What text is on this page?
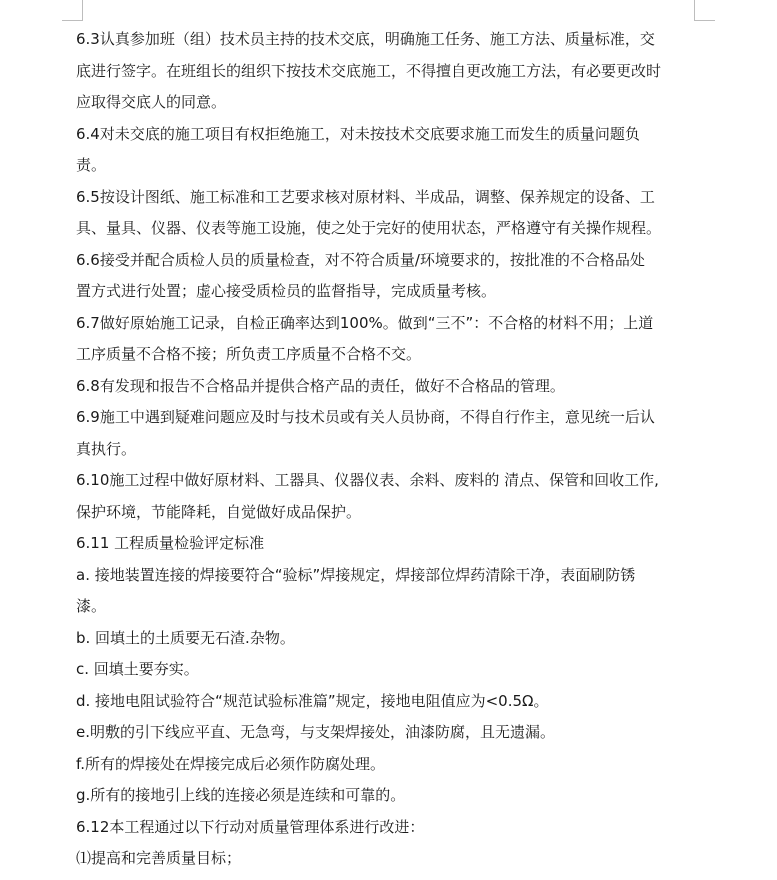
6.3认真参加班（组）技术员主持的技术交底，明确施工任务、施工方法、质量标准，交
底进行签字。在班组长的组织下按技术交底施工，不得擅自更改施工方法，有必要更改时
应取得交底人的同意。
6.4对未交底的施工项目有权拒绝施工，对未按技术交底要求施工而发生的质量问题负
责。
6.5按设计图纸、施工标准和工艺要求核对原材料、半成品，调整、保养规定的设备、工
具、量具、仪器、仪表等施工设施，使之处于完好的使用状态，严格遵守有关操作规程。
6.6接受并配合质检人员的质量检查，对不符合质量/环境要求的，按批准的不合格品处
置方式进行处置；虚心接受质检员的监督指导，完成质量考核。
6.7做好原始施工记录，自检正确率达到100%。做到“三不”：不合格的材料不用；上道
工序质量不合格不接；所负责工序质量不合格不交。
6.8有发现和报告不合格品并提供合格产品的责任，做好不合格品的管理。
6.9施工中遇到疑难问题应及时与技术员或有关人员协商，不得自行作主，意见统一后认
真执行。
6.10施工过程中做好原材料、工器具、仪器仪表、余料、废料的 清点、保管和回收工作,
保护环境，节能降耗，自觉做好成品保护。
6.11 工程质量检验评定标准
a. 接地装置连接的焊接要符合“验标”焊接规定，焊接部位焊药清除干净，表面刷防锈
漆。
b. 回填土的土质要无石渣.杂物。
c. 回填土要夯实。
d. 接地电阻试验符合“规范试验标准篇”规定，接地电阻值应为<0.5Ω。
e.明敷的引下线应平直、无急弯，与支架焊接处，油漆防腐，且无遗漏。
f.所有的焊接处在焊接完成后必须作防腐处理。
g.所有的接地引上线的连接必须是连续和可靠的。
6.12本工程通过以下行动对质量管理体系进行改进：
⑴提高和完善质量目标；
